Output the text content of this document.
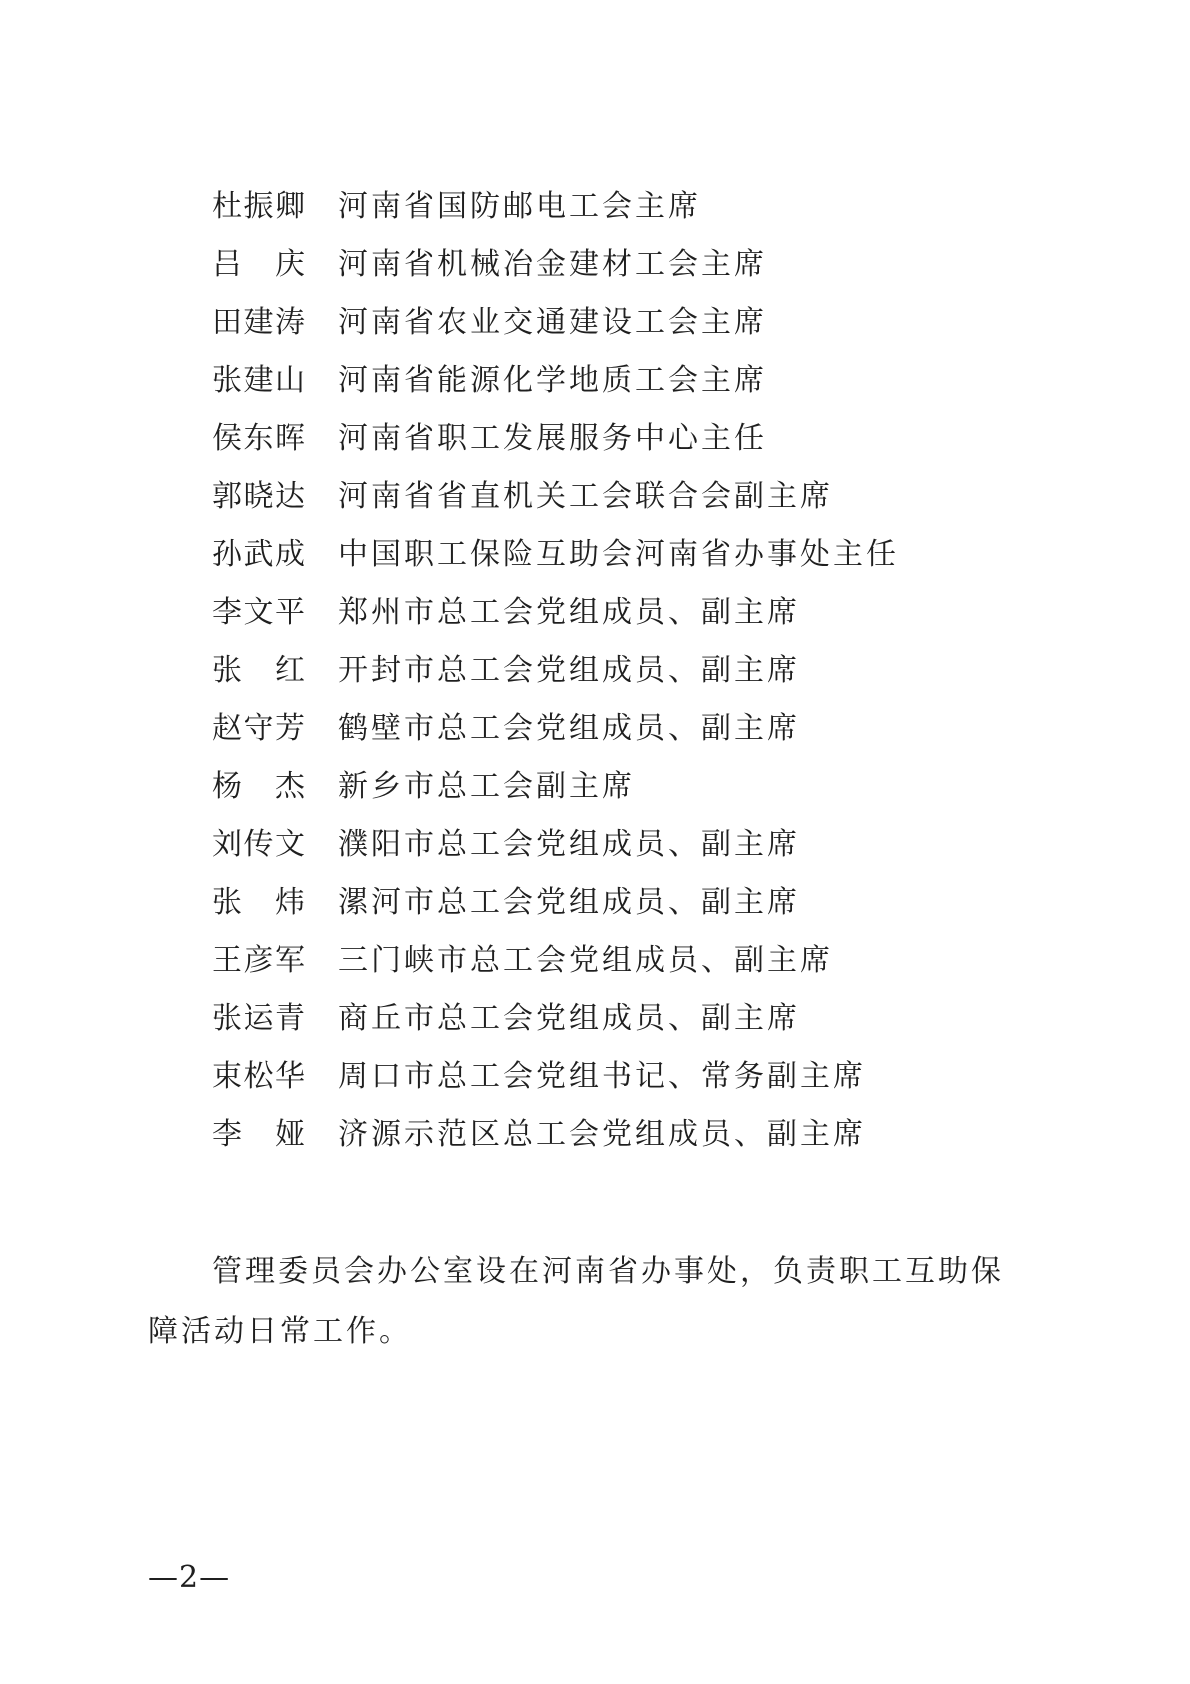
杜 振 卿 河南省国防邮电工会主席
吕 庆 河南省机械冶金建材工会主席
田 建 涛 河南省农业交通建设工会主席
张 建 山 河南省能源化学地质工会主席
侯 东 晖 河南省职工发展服务中心主任
郭 晓 达 河南省省直机关工会联合会副主席
孙 武 成 中国职工保险互助会河南省办事处主任
李 文 平 郑州市总工会党组成员、副主席
张 红 开封市总工会党组成员、副主席
赵 守 芳 鹤壁市总工会党组成员、副主席
杨 杰 新乡市总工会副主席
刘 传 文 濮阳市总工会党组成员、副主席
张 炜 漯河市总工会党组成员、副主席
王 彦 军 三门峡市总工会党组成员、副主席
张 运 青 商丘市总工会党组成员、副主席
束 松 华 周口市总工会党组书记、常务副主席
李 娅 济源示范区总工会党组成员、副主席

管理委员会办公室设在河南省办事处，负责职工互助保障活动日常工作。

—2—
